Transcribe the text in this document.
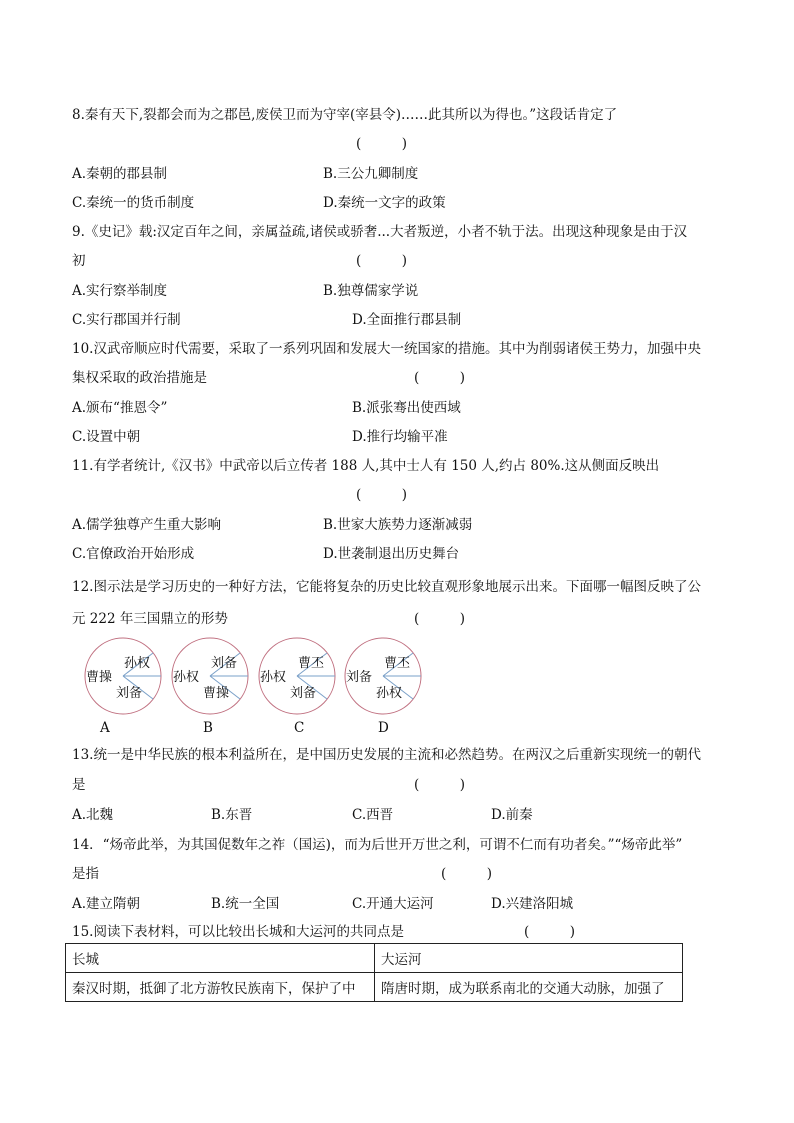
8.秦有天下,裂都会而为之郡邑,废侯卫而为守宰(宰县令)……此其所以为得也。”这段话肯定了
(　　　)
A.秦朝的郡县制	B.三公九卿制度
C.秦统一的货币制度	D.秦统一文字的政策
9.《史记》载:汉定百年之间，亲属益疏,诸侯或骄奢...大者叛逆，小者不轨于法。出现这种现象是由于汉
初	(　　　)
A.实行察举制度	B.独尊儒家学说
C.实行郡国并行制	D.全面推行郡县制
10.汉武帝顺应时代需要，采取了一系列巩固和发展大一统国家的措施。其中为削弱诸侯王势力，加强中央
集权采取的政治措施是	(　　　)
A.颁布“推恩令”	B.派张骞出使西域
C.设置中朝	D.推行均输平准
11.有学者统计,《汉书》中武帝以后立传者 188 人,其中士人有 150 人,约占 80%.这从侧面反映出
(　　　)
A.儒学独尊产生重大影响	B.世家大族势力逐渐减弱
C.官僚政治开始形成	D.世袭制退出历史舞台
12.图示法是学习历史的一种好方法，它能将复杂的历史比较直观形象地展示出来。下面哪一幅图反映了公
元 222 年三国鼎立的形势	(　　　)
曹操
孙权
刘备
A
孙权
刘备
曹操
B
孙权
曹丕
刘备
C
刘备
曹丕
孙权
D
13.统一是中华民族的根本利益所在，是中国历史发展的主流和必然趋势。在两汉之后重新实现统一的朝代
是	(　　　)
A.北魏	B.东晋	C.西晋	D.前秦
14．“炀帝此举，为其国促数年之祚（国运)，而为后世开万世之利，可谓不仁而有功者矣。”“炀帝此举”
是指	(　　　)
A.建立隋朝	B.统一全国	C.开通大运河	D.兴建洛阳城
15.阅读下表材料，可以比较出长城和大运河的共同点是	(　　　)
长城	大运河
秦汉时期，抵御了北方游牧民族南下，保护了中	隋唐时期，成为联系南北的交通大动脉，加强了
